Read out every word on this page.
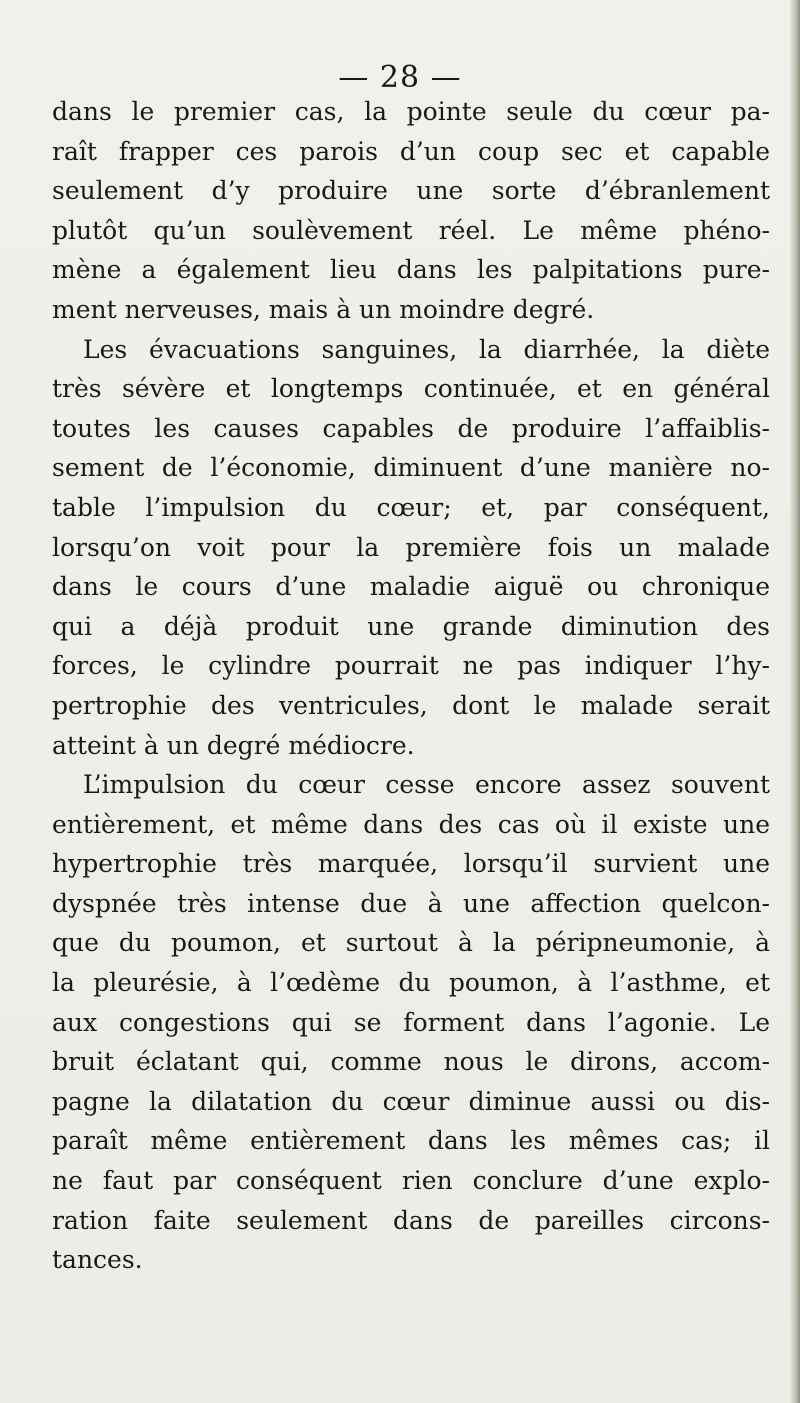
— 28 —
dans le premier cas, la pointe seule du cœur pa-
raît frapper ces parois d’un coup sec et capable
seulement d’y produire une sorte d’ébranlement
plutôt qu’un soulèvement réel. Le même phéno-
mène a également lieu dans les palpitations pure-
ment nerveuses, mais à un moindre degré.
Les évacuations sanguines, la diarrhée, la diète
très sévère et longtemps continuée, et en général
toutes les causes capables de produire l’affaiblis-
sement de l’économie, diminuent d’une manière no-
table l’impulsion du cœur; et, par conséquent,
lorsqu’on voit pour la première fois un malade
dans le cours d’une maladie aiguë ou chronique
qui a déjà produit une grande diminution des
forces, le cylindre pourrait ne pas indiquer l’hy-
pertrophie des ventricules, dont le malade serait
atteint à un degré médiocre.
L’impulsion du cœur cesse encore assez souvent
entièrement, et même dans des cas où il existe une
hypertrophie très marquée, lorsqu’il survient une
dyspnée très intense due à une affection quelcon-
que du poumon, et surtout à la péripneumonie, à
la pleurésie, à l’œdème du poumon, à l’asthme, et
aux congestions qui se forment dans l’agonie. Le
bruit éclatant qui, comme nous le dirons, accom-
pagne la dilatation du cœur diminue aussi ou dis-
paraît même entièrement dans les mêmes cas; il
ne faut par conséquent rien conclure d’une explo-
ration faite seulement dans de pareilles circons-
tances.
